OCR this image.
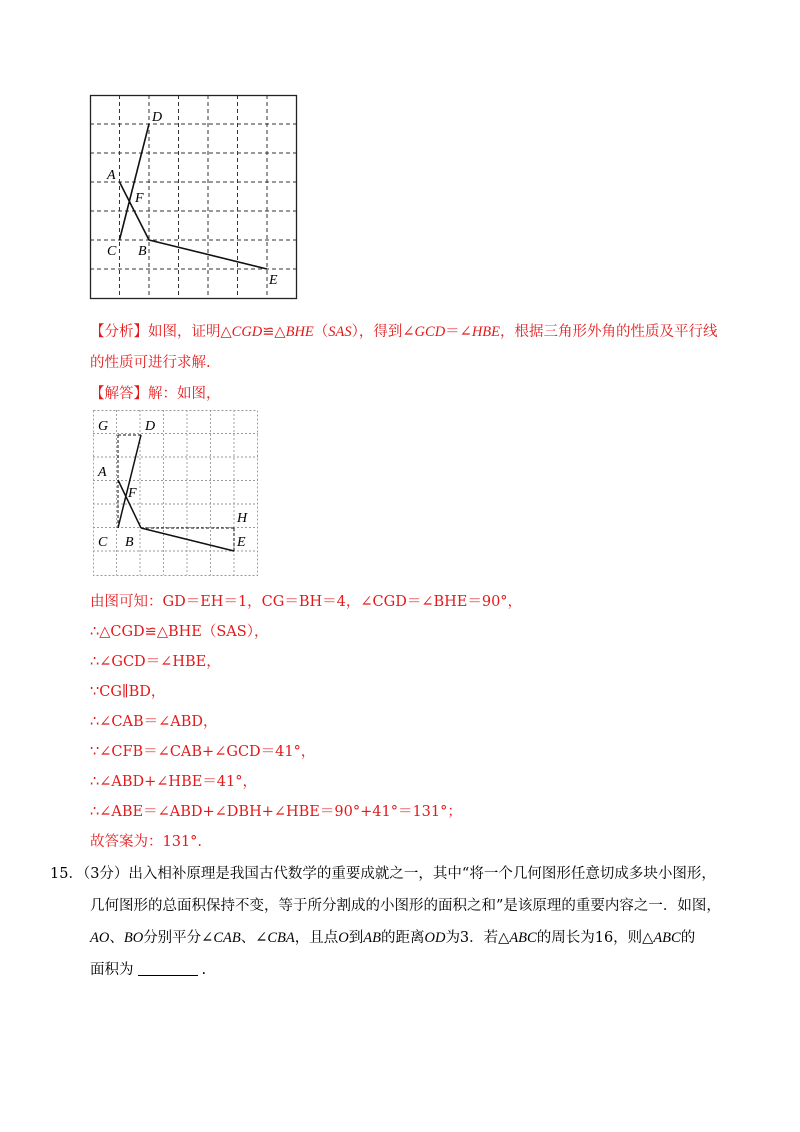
D
A
F
C B
E
【分析】如图，证明△CGD≌△BHE（SAS），得到∠GCD＝∠HBE，根据三角形外角的性质及平行线
的性质可进行求解.
【解答】解：如图，
G	D
A
F
H
C B	E
由图可知：GD＝EH＝1，CG＝BH＝4，∠CGD＝∠BHE＝90°，
∴△CGD≌△BHE（SAS），
∴∠GCD＝∠HBE，
∵CG∥BD，
∴∠CAB＝∠ABD，
∵∠CFB＝∠CAB+∠GCD＝41°，
∴∠ABD+∠HBE＝41°，
∴∠ABE＝∠ABD+∠DBH+∠HBE＝90°+41°＝131°；
故答案为：131°.
15．（3分）出入相补原理是我国古代数学的重要成就之一，其中“将一个几何图形任意切成多块小图形，
几何图形的总面积保持不变，等于所分割成的小图形的面积之和”是该原理的重要内容之一．如图，
AO、BO分别平分∠CAB、∠CBA，且点O到AB的距离OD为3．若△ABC的周长为16，则△ABC的
面积为	.
